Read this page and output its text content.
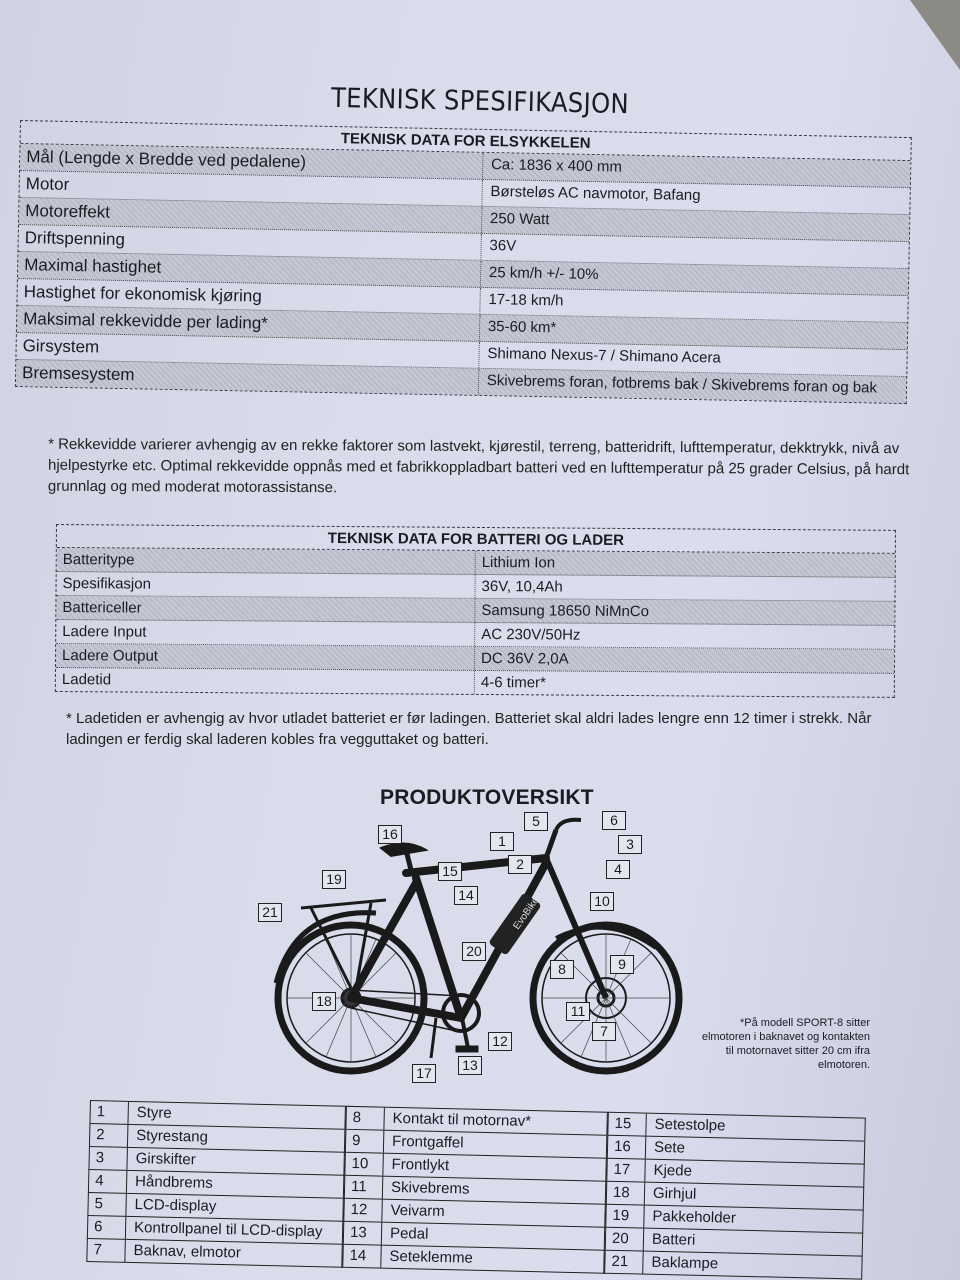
TEKNISK SPESIFIKASJON
TEKNISK DATA FOR ELSYKKELEN
Mål (Lengde x Bredde ved pedalene)	Ca: 1836 x 400 mm
Motor	Børsteløs AC navmotor, Bafang
Motoreffekt	250 Watt
Driftspenning	36V
Maximal hastighet	25 km/h +/- 10%
Hastighet for ekonomisk kjøring	17-18 km/h
Maksimal rekkevidde per lading*	35-60 km*
Girsystem	Shimano Nexus-7 / Shimano Acera
Bremsesystem	Skivebrems foran, fotbrems bak / Skivebrems foran og bak
* Rekkevidde varierer avhengig av en rekke faktorer som lastvekt, kjørestil, terreng, batteridrift, lufttemperatur, dekktrykk, nivå av hjelpestyrke etc. Optimal rekkevidde oppnås med et fabrikkoppladbart batteri ved en lufttemperatur på 25 grader Celsius, på hardt grunnlag og med moderat motorassistanse.
TEKNISK DATA FOR BATTERI OG LADER
Batteritype	Lithium Ion
Spesifikasjon	36V, 10,4Ah
Battericeller	Samsung 18650 NiMnCo
Ladere Input	AC 230V/50Hz
Ladere Output	DC 36V 2,0A
Ladetid	4-6 timer*
* Ladetiden er avhengig av hvor utladet batteriet er før ladingen. Batteriet skal aldri lades lengre enn 12 timer i strekk. Når ladingen er ferdig skal laderen kobles fra vegguttaket og batteri.
PRODUKTOVERSIKT
EvoBike
1
2
3
4
5	6
7
8	9
10
11
12
13
14
15
16
17
18
19
20
21
*På modell SPORT-8 sitter elmotoren i baknavet og kontakten til motornavet sitter 20 cm ifra elmotoren.
1	Styre
2	Styrestang
3	Girskifter
4	Håndbrems
5	LCD-display
6	Kontrollpanel til LCD-display
7	Baknav, elmotor
8	Kontakt til motornav*
9	Frontgaffel
10	Frontlykt
11	Skivebrems
12	Veivarm
13	Pedal
14	Seteklemme
15	Setestolpe
16	Sete
17	Kjede
18	Girhjul
19	Pakkeholder
20	Batteri
21	Baklampe
